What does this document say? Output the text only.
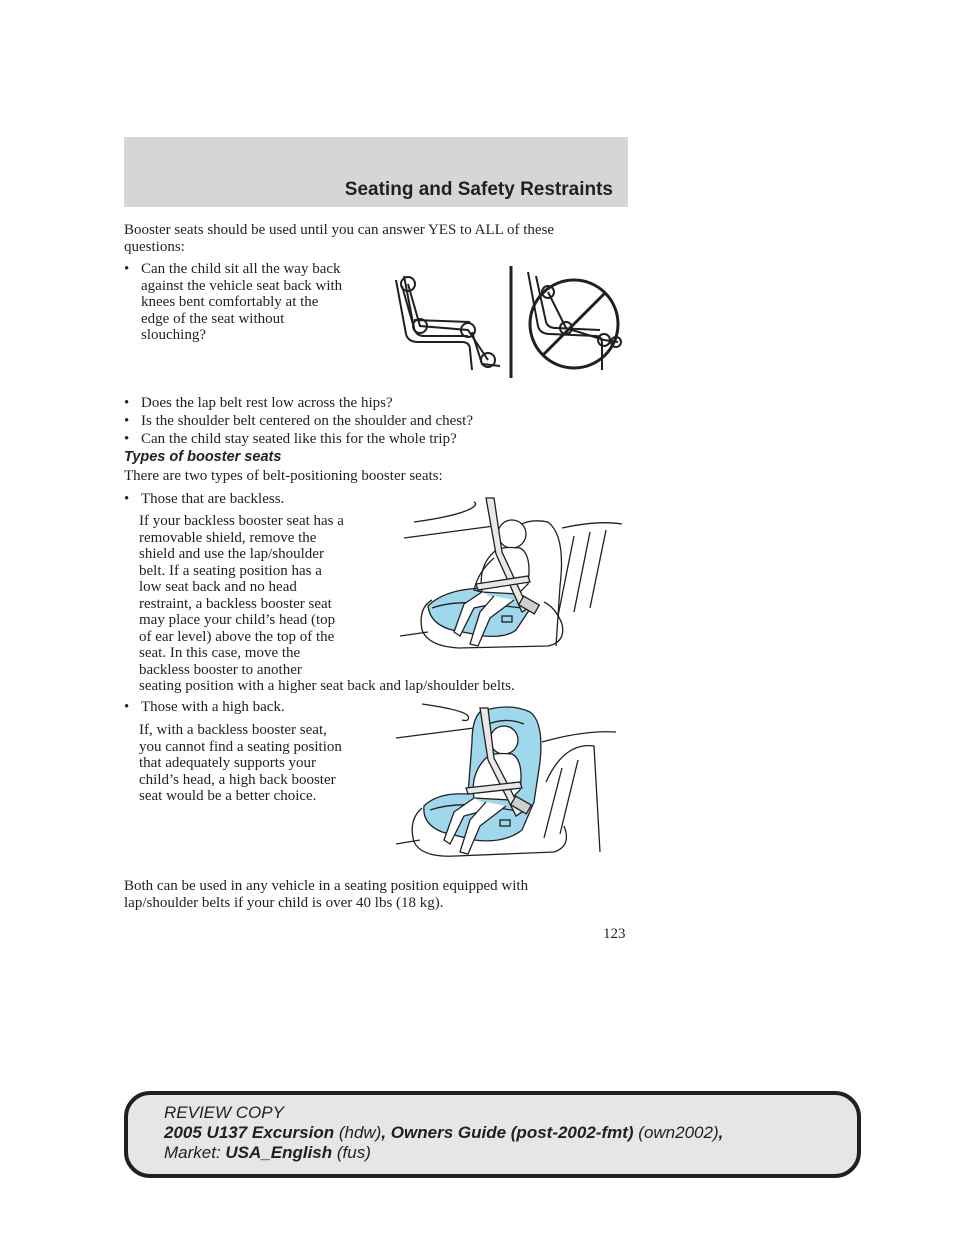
Seating and Safety Restraints

Booster seats should be used until you can answer YES to ALL of these
questions:

• Can the child sit all the way back
against the vehicle seat back with
knees bent comfortably at the
edge of the seat without
slouching?
• Does the lap belt rest low across the hips?
• Is the shoulder belt centered on the shoulder and chest?
• Can the child stay seated like this for the whole trip?
Types of booster seats

There are two types of belt-positioning booster seats:

• Those that are backless.

If your backless booster seat has a
removable shield, remove the
shield and use the lap/shoulder
belt. If a seating position has a
low seat back and no head
restraint, a backless booster seat
may place your child’s head (top
of ear level) above the top of the
seat. In this case, move the
backless booster to another
seating position with a higher seat back and lap/shoulder belts.

• Those with a high back.

If, with a backless booster seat,
you cannot find a seating position
that adequately supports your
child’s head, a high back booster
seat would be a better choice.

Both can be used in any vehicle in a seating position equipped with
lap/shoulder belts if your child is over 40 lbs (18 kg).

123
REVIEW COPY
2005 U137 Excursion (hdw), Owners Guide (post-2002-fmt) (own2002),
Market: USA_English (fus)
